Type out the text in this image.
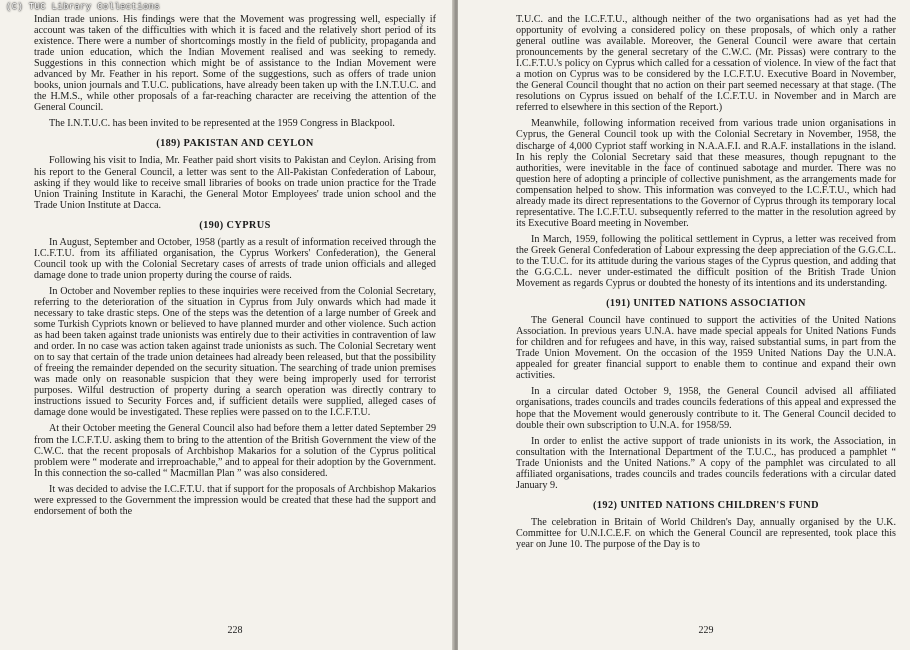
(C) TUC Library Collections

Indian trade unions. His findings were that the Movement was progressing well, especially if account was taken of the difficulties with which it is faced and the relatively short period of its existence. There were a number of shortcomings mostly in the field of publicity, propaganda and trade union education, which the Indian Movement realised and was seeking to remedy. Suggestions in this connection which might be of assistance to the Indian Movement were advanced by Mr. Feather in his report. Some of the suggestions, such as offers of trade union books, union journals and T.U.C. publications, have already been taken up with the I.N.T.U.C. and the H.M.S., while other proposals of a far-reaching character are receiving the attention of the General Council.

The I.N.T.U.C. has been invited to be represented at the 1959 Congress in Blackpool.

(189) PAKISTAN AND CEYLON

Following his visit to India, Mr. Feather paid short visits to Pakistan and Ceylon. Arising from his report to the General Council, a letter was sent to the All-Pakistan Confederation of Labour, asking if they would like to receive small libraries of books on trade union practice for the Trade Union Training Institute in Karachi, the General Motor Employees' trade union school and the Trade Union Institute at Dacca.

(190) CYPRUS

In August, September and October, 1958 (partly as a result of information received through the I.C.F.T.U. from its affiliated organisation, the Cyprus Workers' Confederation), the General Council took up with the Colonial Secretary cases of arrests of trade union officials and alleged damage done to trade union property during the course of raids.

In October and November replies to these inquiries were received from the Colonial Secretary, referring to the deterioration of the situation in Cyprus from July onwards which had made it necessary to take drastic steps. One of the steps was the detention of a large number of Greek and some Turkish Cypriots known or believed to have planned murder and other violence. Such action as had been taken against trade unionists was entirely due to their activities in contravention of law and order. In no case was action taken against trade unionists as such. The Colonial Secretary went on to say that certain of the trade union detainees had already been released, but that the possibility of freeing the remainder depended on the security situation. The searching of trade union premises was made only on reasonable suspicion that they were being improperly used for terrorist purposes. Wilful destruction of property during a search operation was directly contrary to instructions issued to Security Forces and, if sufficient details were supplied, alleged cases of damage done would be investigated. These replies were passed on to the I.C.F.T.U.

At their October meeting the General Council also had before them a letter dated September 29 from the I.C.F.T.U. asking them to bring to the attention of the British Government the view of the C.W.C. that the recent proposals of Archbishop Makarios for a solution of the Cyprus political problem were “ moderate and irreproachable,” and to appeal for their adoption by the Government. In this connection the so-called “ Macmillan Plan ” was also considered.

It was decided to advise the I.C.F.T.U. that if support for the proposals of Archbishop Makarios were expressed to the Government the impression would be created that these had the support and endorsement of both the

228

T.U.C. and the I.C.F.T.U., although neither of the two organisations had as yet had the opportunity of evolving a considered policy on these proposals, of which only a rather general outline was available. Moreover, the General Council were aware that certain pronouncements by the general secretary of the C.W.C. (Mr. Pissas) were contrary to the I.C.F.T.U.'s policy on Cyprus which called for a cessation of violence. In view of the fact that a motion on Cyprus was to be considered by the I.C.F.T.U. Executive Board in November, the General Council thought that no action on their part seemed necessary at that stage. (The resolutions on Cyprus issued on behalf of the I.C.F.T.U. in November and in March are referred to elsewhere in this section of the Report.)

Meanwhile, following information received from various trade union organisations in Cyprus, the General Council took up with the Colonial Secretary in November, 1958, the discharge of 4,000 Cypriot staff working in N.A.A.F.I. and R.A.F. installations in the island. In his reply the Colonial Secretary said that these measures, though repugnant to the authorities, were inevitable in the face of continued sabotage and murder. There was no question here of adopting a principle of collective punishment, as the arrangements made for compensation helped to show. This information was conveyed to the I.C.F.T.U., which had already made its direct representations to the Governor of Cyprus through its temporary local representative. The I.C.F.T.U. subsequently referred to the matter in the resolution agreed by its Executive Board meeting in November.

In March, 1959, following the political settlement in Cyprus, a letter was received from the Greek General Confederation of Labour expressing the deep appreciation of the G.G.C.L. to the T.U.C. for its attitude during the various stages of the Cyprus question, and adding that the G.G.C.L. never under-estimated the difficult position of the British Trade Union Movement as regards Cyprus or doubted the honesty of its intentions and its understanding.

(191) UNITED NATIONS ASSOCIATION

The General Council have continued to support the activities of the United Nations Association. In previous years U.N.A. have made special appeals for United Nations Funds for children and for refugees and have, in this way, raised substantial sums, in part from the Trade Union Movement. On the occasion of the 1959 United Nations Day the U.N.A. appealed for greater financial support to enable them to continue and expand their own activities.

In a circular dated October 9, 1958, the General Council advised all affiliated organisations, trades councils and trades councils federations of this appeal and expressed the hope that the Movement would generously contribute to it. The General Council decided to double their own subscription to U.N.A. for 1958/59.

In order to enlist the active support of trade unionists in its work, the Association, in consultation with the International Department of the T.U.C., has produced a pamphlet “ Trade Unionists and the United Nations.” A copy of the pamphlet was circulated to all affiliated organisations, trades councils and trades councils federations with a circular dated January 9.

(192) UNITED NATIONS CHILDREN'S FUND

The celebration in Britain of World Children's Day, annually organised by the U.K. Committee for U.N.I.C.E.F. on which the General Council are represented, took place this year on June 10. The purpose of the Day is to

229
